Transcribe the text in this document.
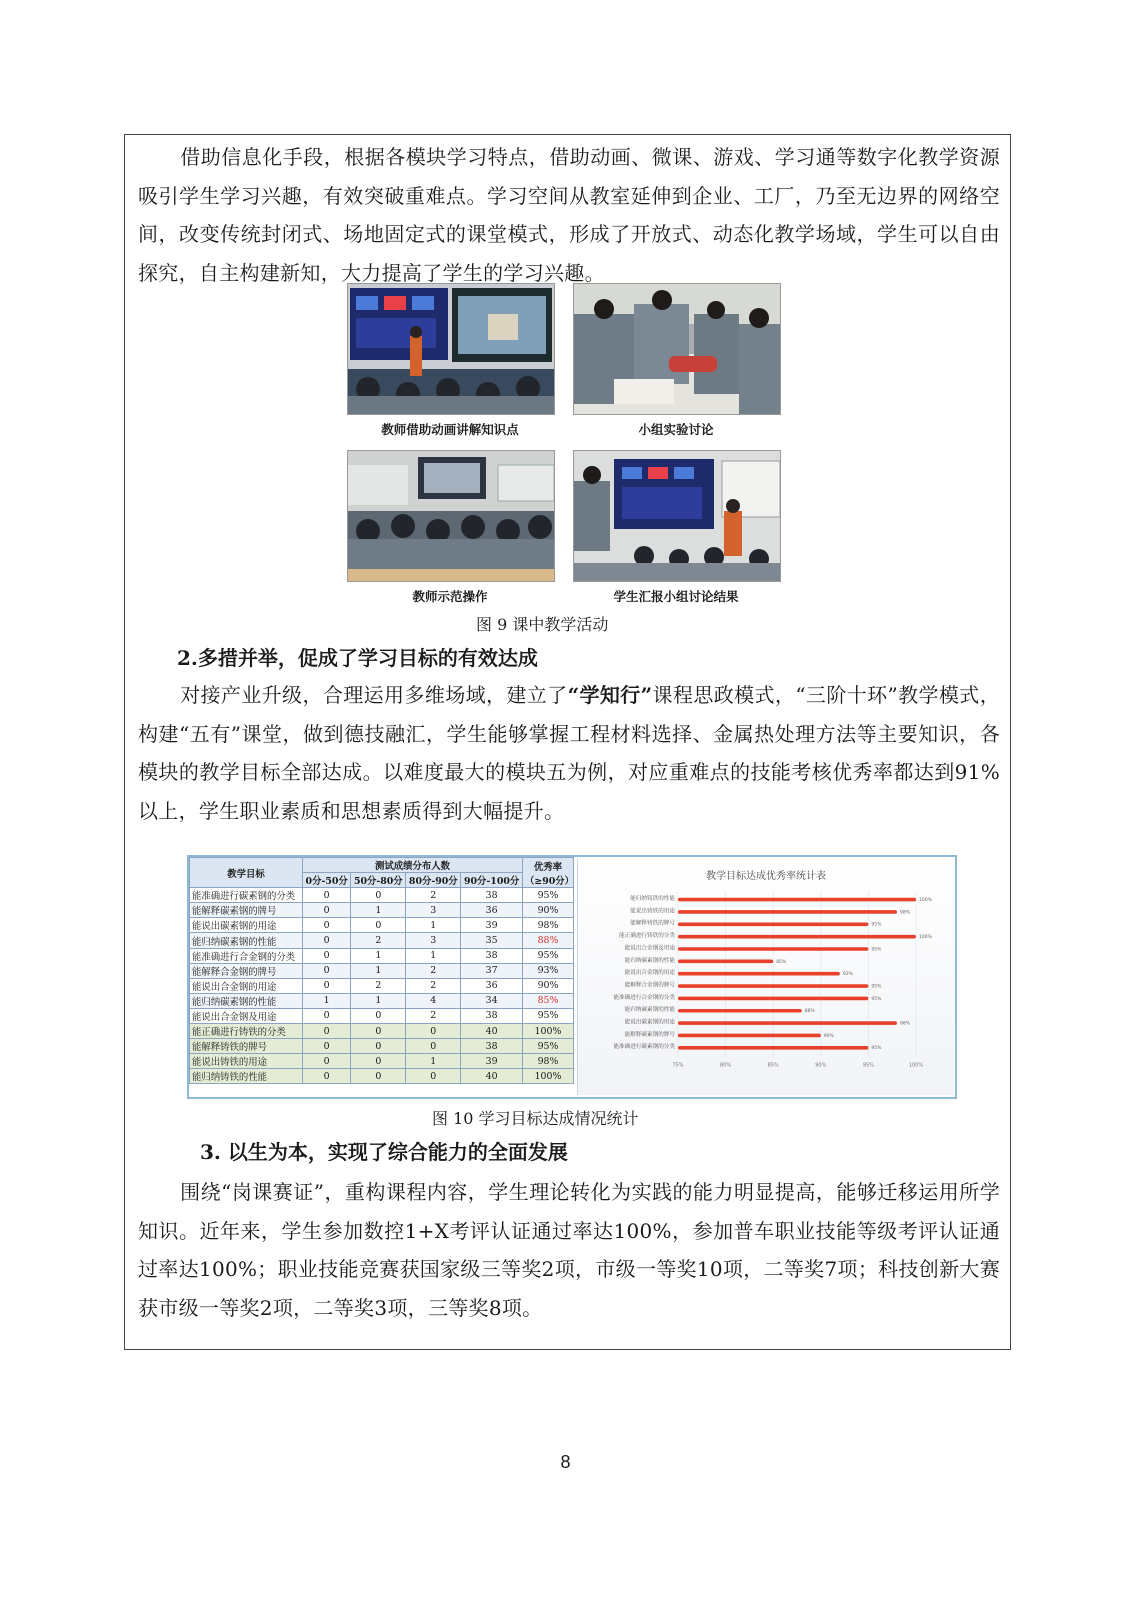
借助信息化手段，根据各模块学习特点，借助动画、微课、游戏、学习通等数字化教学资源吸引学生学习兴趣，有效突破重难点。学习空间从教室延伸到企业、工厂，乃至无边界的网络空间，改变传统封闭式、场地固定式的课堂模式，形成了开放式、动态化教学场域，学生可以自由探究，自主构建新知，大力提高了学生的学习兴趣。

教师借助动画讲解知识点	小组实验讨论

教师示范操作	学生汇报小组讨论结果

图 9 课中教学活动

2.多措并举，促成了学习目标的有效达成

对接产业升级，合理运用多维场域，建立了“学知行”课程思政模式，“三阶十环”教学模式，构建“五有”课堂，做到德技融汇，学生能够掌握工程材料选择、金属热处理方法等主要知识，各模块的教学目标全部达成。以难度最大的模块五为例，对应重难点的技能考核优秀率都达到91%以上，学生职业素质和思想素质得到大幅提升。

教学目标	测试成绩分布人数				优秀率（≥90分）
	0分-50分	50分-80分	80分-90分	90分-100分	
能准确进行碳素钢的分类	0	0	2	38	95%
能解释碳素钢的牌号	0	1	3	36	90%
能说出碳素钢的用途	0	0	1	39	98%
能归纳碳素钢的性能	0	2	3	35	88%
能准确进行合金钢的分类	0	1	1	38	95%
能解释合金钢的牌号	0	1	2	37	93%
能说出合金钢的用途	0	2	2	36	90%
能归纳碳素钢的性能	1	1	4	34	85%
能说出合金钢及用途	0	0	2	38	95%
能正确进行铸铁的分类	0	0	0	40	100%
能解释铸铁的牌号	0	0	0	38	95%
能说出铸铁的用途	0	0	1	39	98%
能归纳铸铁的性能	0	0	0	40	100%
教学目标达成优秀率统计表
75%	80%	85%	90%	95%	100%
能归纳铸铁的性能	100%
能说出铸铁的用途	98%
能解释铸铁的牌号	95%
能正确进行铸铁的分类	100%
能说出合金钢及用途	95%
能归纳碳素钢的性能	85%
能说出合金钢的用途	92%
能解释合金钢的牌号	95%
能准确进行合金钢的分类	95%
能归纳碳素钢的性能	88%
能说出碳素钢的用途	98%
能解释碳素钢的牌号	90%
能准确进行碳素钢的分类	95%

图 10 学习目标达成情况统计

3. 以生为本，实现了综合能力的全面发展

围绕“岗课赛证”，重构课程内容，学生理论转化为实践的能力明显提高，能够迁移运用所学知识。近年来，学生参加数控1+X考评认证通过率达100%，参加普车职业技能等级考评认证通过率达100%；职业技能竞赛获国家级三等奖2项，市级一等奖10项，二等奖7项；科技创新大赛获市级一等奖2项，二等奖3项，三等奖8项。

8
